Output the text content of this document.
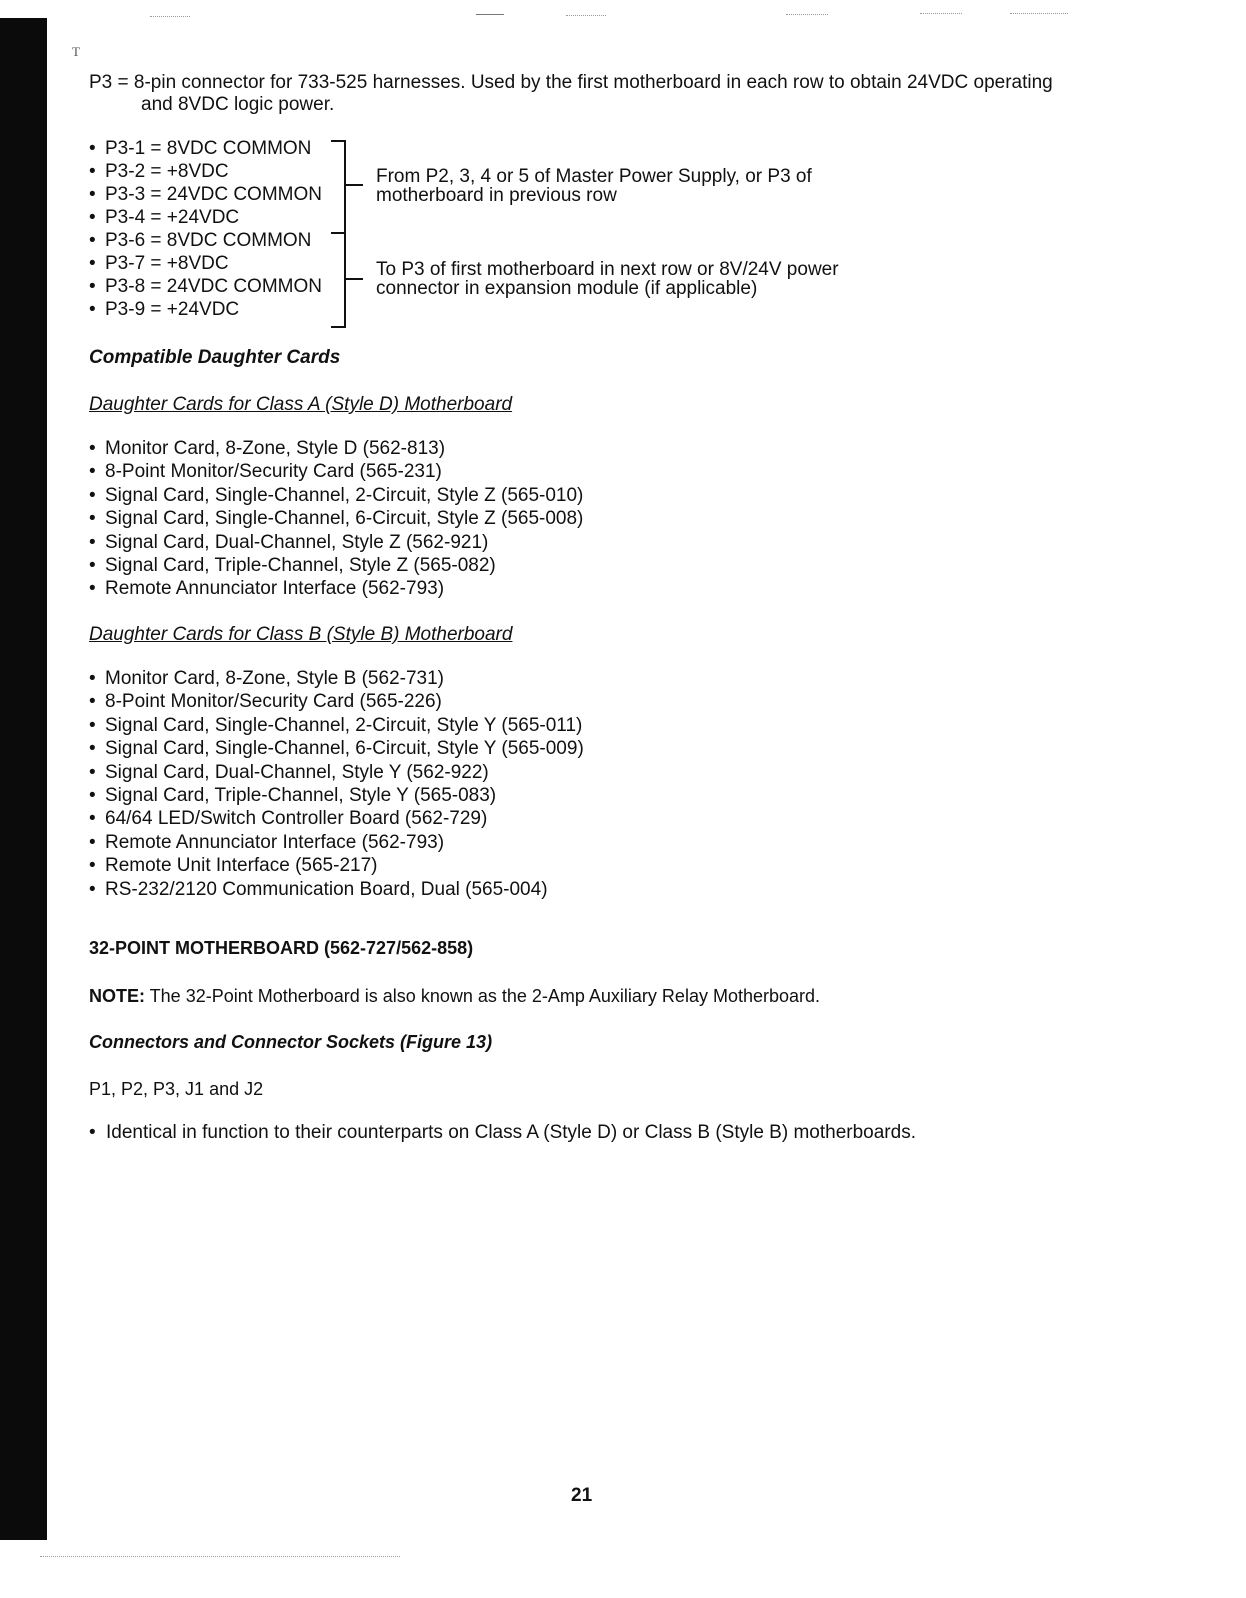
T
P3 = 8-pin connector for 733-525 harnesses. Used by the first motherboard in each row to obtain 24VDC operating
and 8VDC logic power.
• P3-1 = 8VDC COMMON
• P3-2 = +8VDC
• P3-3 = 24VDC COMMON
• P3-4 = +24VDC
• P3-6 = 8VDC COMMON
• P3-7 = +8VDC
• P3-8 = 24VDC COMMON
• P3-9 = +24VDC
From P2, 3, 4 or 5 of Master Power Supply, or P3 of
motherboard in previous row
To P3 of first motherboard in next row or 8V/24V power
connector in expansion module (if applicable)
Compatible Daughter Cards
Daughter Cards for Class A (Style D) Motherboard
• Monitor Card, 8-Zone, Style D (562-813)
• 8-Point Monitor/Security Card (565-231)
• Signal Card, Single-Channel, 2-Circuit, Style Z (565-010)
• Signal Card, Single-Channel, 6-Circuit, Style Z (565-008)
• Signal Card, Dual-Channel, Style Z (562-921)
• Signal Card, Triple-Channel, Style Z (565-082)
• Remote Annunciator Interface (562-793)
Daughter Cards for Class B (Style B) Motherboard
• Monitor Card, 8-Zone, Style B (562-731)
• 8-Point Monitor/Security Card (565-226)
• Signal Card, Single-Channel, 2-Circuit, Style Y (565-011)
• Signal Card, Single-Channel, 6-Circuit, Style Y (565-009)
• Signal Card, Dual-Channel, Style Y (562-922)
• Signal Card, Triple-Channel, Style Y (565-083)
• 64/64 LED/Switch Controller Board (562-729)
• Remote Annunciator Interface (562-793)
• Remote Unit Interface (565-217)
• RS-232/2120 Communication Board, Dual (565-004)
32-POINT MOTHERBOARD (562-727/562-858)
NOTE: The 32-Point Motherboard is also known as the 2-Amp Auxiliary Relay Motherboard.
Connectors and Connector Sockets (Figure 13)
P1, P2, P3, J1 and J2
• Identical in function to their counterparts on Class A (Style D) or Class B (Style B) motherboards.
21
